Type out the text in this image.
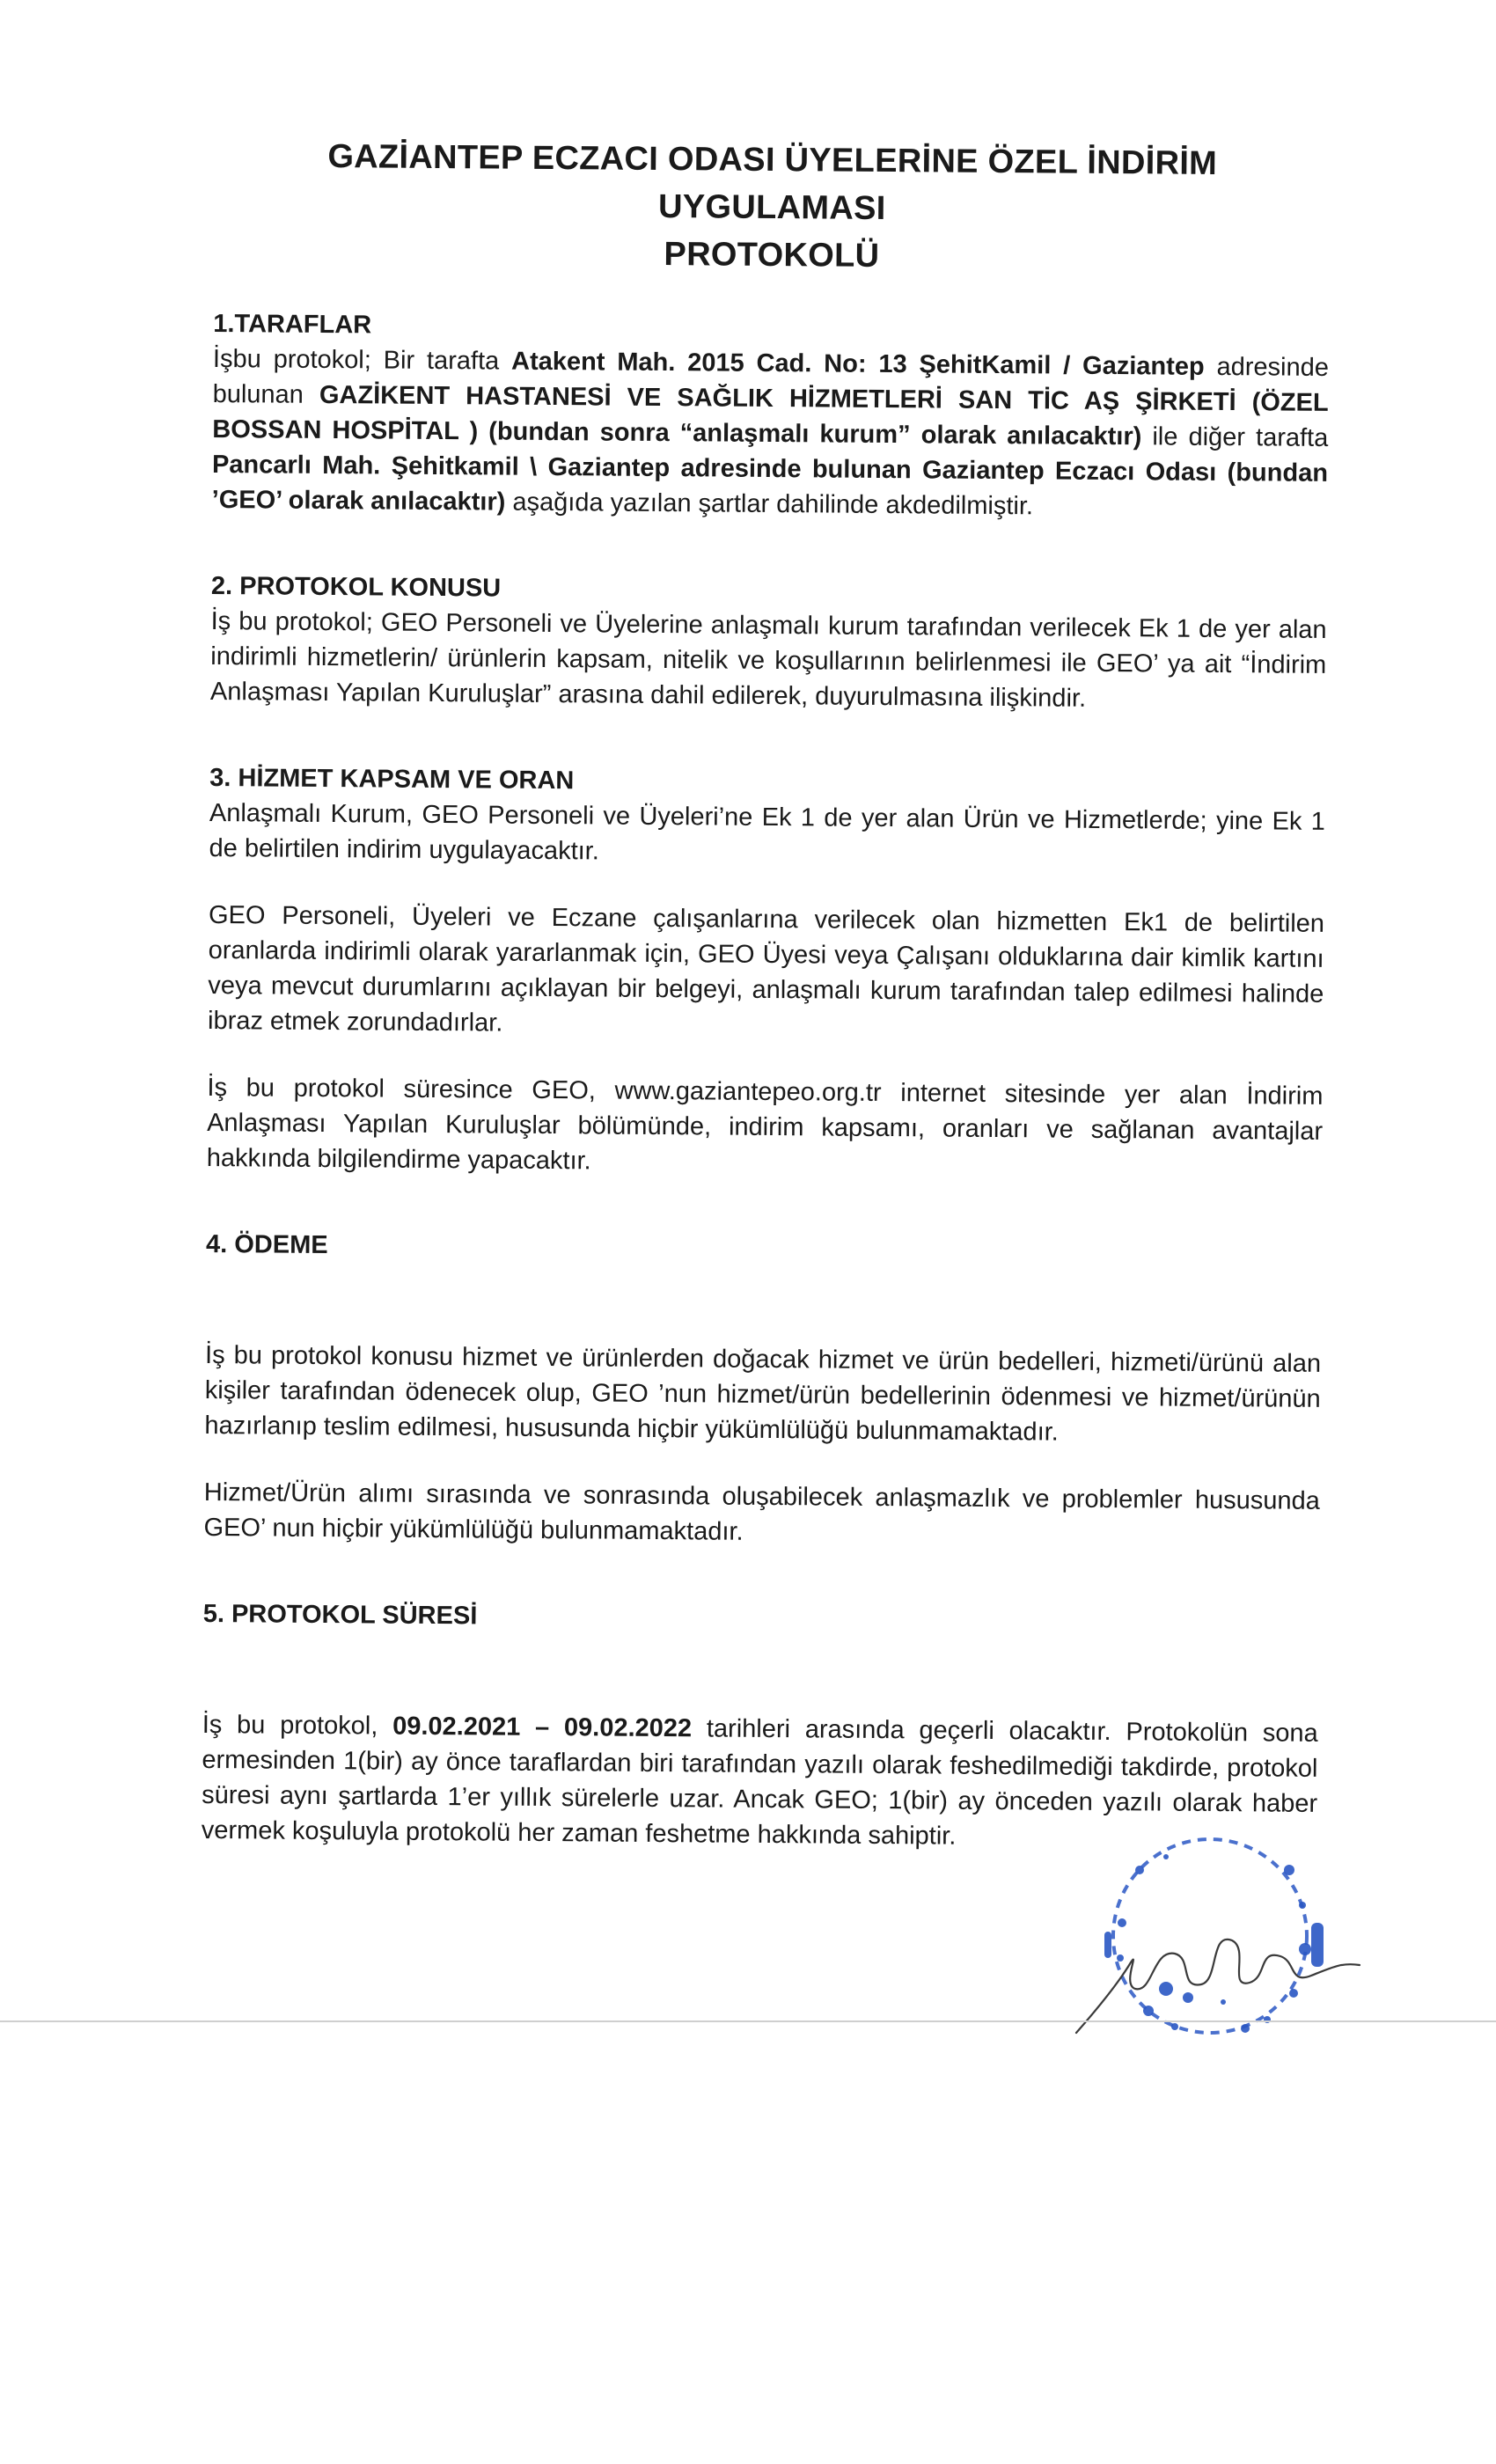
GAZİANTEP ECZACI ODASI ÜYELERİNE ÖZEL İNDİRİM UYGULAMASI
PROTOKOLÜ

1.TARAFLAR

İşbu protokol; Bir tarafta Atakent Mah. 2015 Cad. No: 13 ŞehitKamil / Gaziantep adresinde bulunan GAZİKENT HASTANESİ VE SAĞLIK HİZMETLERİ SAN TİC AŞ ŞİRKETİ (ÖZEL BOSSAN HOSPİTAL ) (bundan sonra “anlaşmalı kurum” olarak anılacaktır) ile diğer tarafta Pancarlı Mah. Şehitkamil \ Gaziantep adresinde bulunan Gaziantep Eczacı Odası (bundan ’GEO’ olarak anılacaktır) aşağıda yazılan şartlar dahilinde akdedilmiştir.

2. PROTOKOL KONUSU

İş bu protokol; GEO Personeli ve Üyelerine anlaşmalı kurum tarafından verilecek Ek 1 de yer alan indirimli hizmetlerin/ ürünlerin kapsam, nitelik ve koşullarının belirlenmesi ile GEO’ ya ait “İndirim Anlaşması Yapılan Kuruluşlar” arasına dahil edilerek, duyurulmasına ilişkindir.

3. HİZMET KAPSAM VE ORAN

Anlaşmalı Kurum, GEO Personeli ve Üyeleri’ne Ek 1 de yer alan Ürün ve Hizmetlerde; yine Ek 1 de belirtilen indirim uygulayacaktır.

GEO Personeli, Üyeleri ve Eczane çalışanlarına verilecek olan hizmetten Ek1 de belirtilen oranlarda indirimli olarak yararlanmak için, GEO Üyesi veya Çalışanı olduklarına dair kimlik kartını veya mevcut durumlarını açıklayan bir belgeyi, anlaşmalı kurum tarafından talep edilmesi halinde ibraz etmek zorundadırlar.

İş bu protokol süresince GEO, www.gaziantepeo.org.tr internet sitesinde yer alan İndirim Anlaşması Yapılan Kuruluşlar bölümünde, indirim kapsamı, oranları ve sağlanan avantajlar hakkında bilgilendirme yapacaktır.

4. ÖDEME

İş bu protokol konusu hizmet ve ürünlerden doğacak hizmet ve ürün bedelleri, hizmeti/ürünü alan kişiler tarafından ödenecek olup, GEO ’nun hizmet/ürün bedellerinin ödenmesi ve hizmet/ürünün hazırlanıp teslim edilmesi, hususunda hiçbir yükümlülüğü bulunmamaktadır.

Hizmet/Ürün alımı sırasında ve sonrasında oluşabilecek anlaşmazlık ve problemler hususunda GEO’ nun hiçbir yükümlülüğü bulunmamaktadır.

5. PROTOKOL SÜRESİ

İş bu protokol, 09.02.2021 – 09.02.2022 tarihleri arasında geçerli olacaktır. Protokolün sona ermesinden 1(bir) ay önce taraflardan biri tarafından yazılı olarak feshedilmediği takdirde, protokol süresi aynı şartlarda 1’er yıllık sürelerle uzar. Ancak GEO; 1(bir) ay önceden yazılı olarak haber vermek koşuluyla protokolü her zaman feshetme hakkında sahiptir.
